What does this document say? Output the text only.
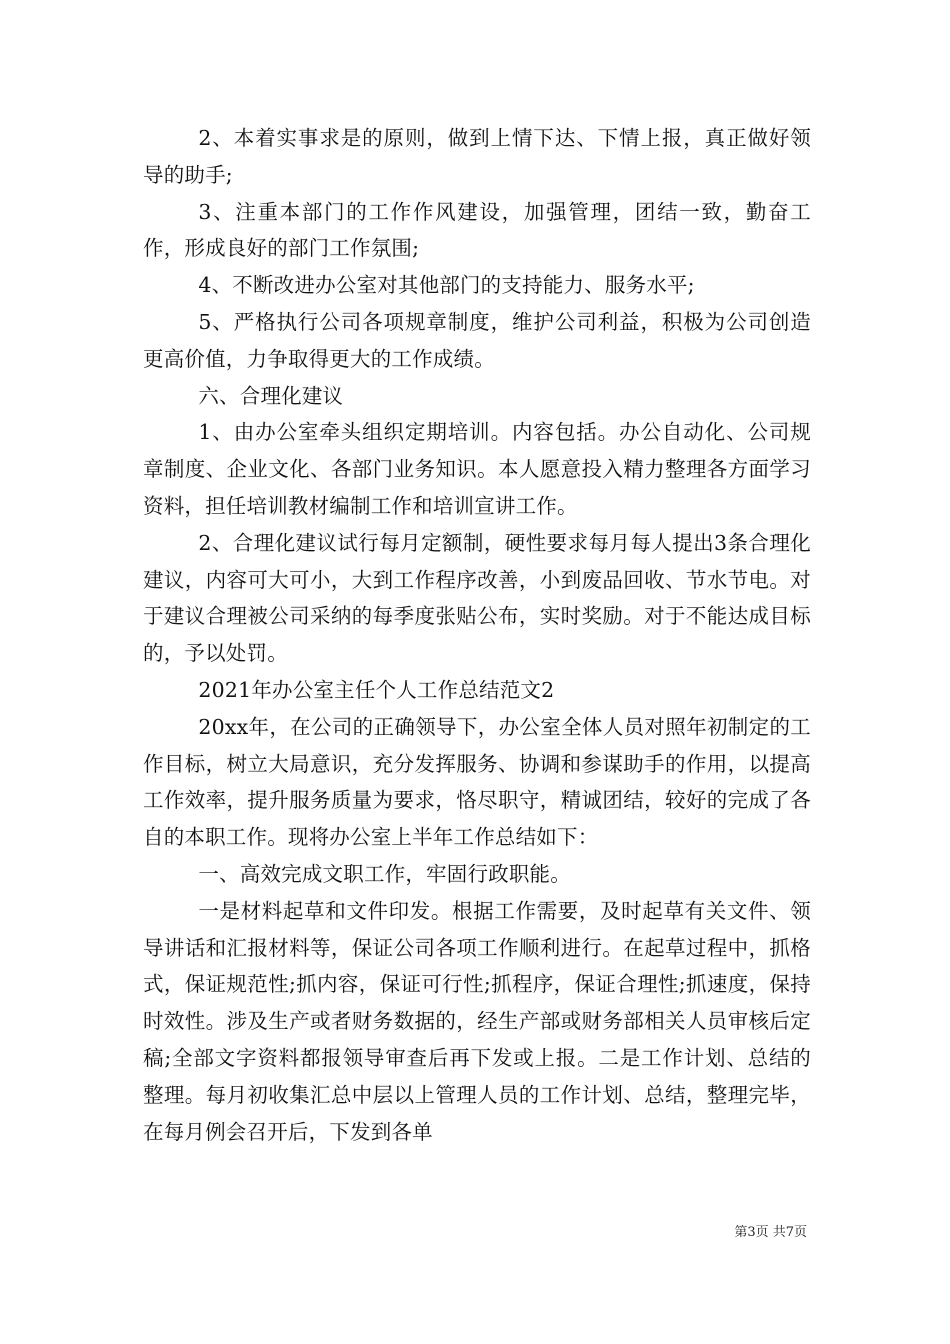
2、本着实事求是的原则，做到上情下达、下情上报，真正做好领导的助手;

3、注重本部门的工作作风建设，加强管理，团结一致，勤奋工作，形成良好的部门工作氛围;

4、不断改进办公室对其他部门的支持能力、服务水平;

5、严格执行公司各项规章制度，维护公司利益，积极为公司创造更高价值，力争取得更大的工作成绩。

六、合理化建议

1、由办公室牵头组织定期培训。内容包括。办公自动化、公司规章制度、企业文化、各部门业务知识。本人愿意投入精力整理各方面学习资料，担任培训教材编制工作和培训宣讲工作。

2、合理化建议试行每月定额制，硬性要求每月每人提出3条合理化建议，内容可大可小，大到工作程序改善，小到废品回收、节水节电。对于建议合理被公司采纳的每季度张贴公布，实时奖励。对于不能达成目标的，予以处罚。

2021年办公室主任个人工作总结范文2

20xx年，在公司的正确领导下，办公室全体人员对照年初制定的工作目标，树立大局意识，充分发挥服务、协调和参谋助手的作用，以提高工作效率，提升服务质量为要求，恪尽职守，精诚团结，较好的完成了各自的本职工作。现将办公室上半年工作总结如下：

一、高效完成文职工作，牢固行政职能。

一是材料起草和文件印发。根据工作需要，及时起草有关文件、领导讲话和汇报材料等，保证公司各项工作顺利进行。在起草过程中，抓格式，保证规范性;抓内容，保证可行性;抓程序，保证合理性;抓速度，保持时效性。涉及生产或者财务数据的，经生产部或财务部相关人员审核后定稿;全部文字资料都报领导审查后再下发或上报。二是工作计划、总结的整理。每月初收集汇总中层以上管理人员的工作计划、总结，整理完毕，在每月例会召开后，下发到各单

第3页 共7页
